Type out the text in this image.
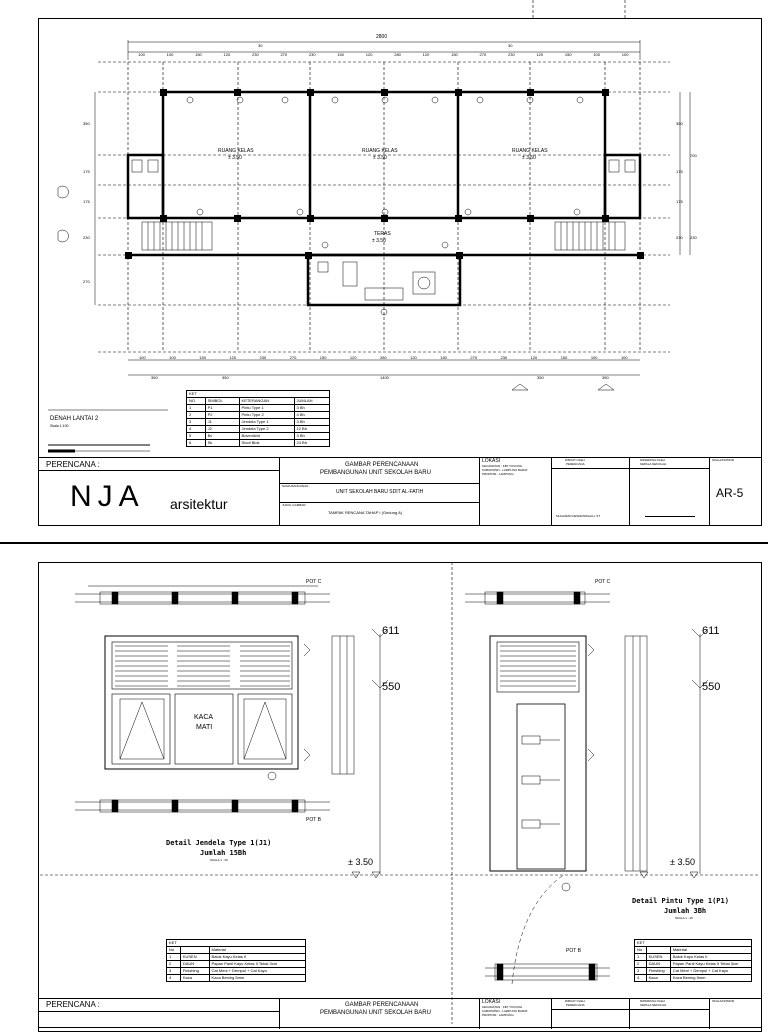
2800
30	30
RUANG KELAS
± 3.50
RUANG KELAS
± 3.50
RUANG KELAS
± 3.50
TERAS
± 3.50
KET			
NO	SIMBOL	KETERANGAN	JUMLAH
1	P1	Pintu Type 1	3 Bh
2	P2	Pintu Type 2	4 Bh
3	J1	Jendela Type 1	3 Bh
4	J2	Jendela Type 2	12 Bh
5	Bv	Bovenlicht	3 Bh
6	Sk	Sloof Blok	24 Bh
DENAH LANTAI 2
Skala 1:100
PERENCANA :
NJA arsitektur
GAMBAR PERENCANAAN
PEMBANGUNAN UNIT SEKOLAH BARU
NAMA BANGUNAN :
UNIT SEKOLAH BARU SDIT AL-FATIH
JUDUL GAMBAR :
TAMPAK RENCANA TAHAP I (Gedung A)
LOKASI
KECAMATAN : KIPI TOVONG
KABUPATEN : LAMPUNG BARAT
PROPINSI : LAMPUNG
DIBUAT OLEH	DIPERIKSA OLEH	SKALA/NOMOR
PERENCANA	KEPALA SEKOLAH
MUHAMAD DESMANWALIH, ST
AR-5
100	100	150	120	230	270	230	150	120	280	120	150	270	230	120	150	100	100
100	100	150	120	230	270	150	120	280	120	150	270	230	120	150	100	100
350	350	1400	350	350
350
175
175
230
270
350
700
175
175
230 230
POT C
POT B
POT C
POT B
KACA
MATI
611
550
± 3.50
611
550
± 3.50
Detail Jendela Type 1(J1)
Jumlah 15Bh
SKALA 1 : 20
Detail Pintu Type 1(P1)
Jumlah 3Bh
SKALA 1 : 20
KET		
No		Material
1	KUSEN	Balok Kayu Kelas II
2	DAUN	Papan Panil Kayu Kelas II Tebal 3cm
3	Finishing	Cat Meni + Dempul + Cat Kayu
4	Kaca	Kaca Bening 5mm
KET		
No		Material
1	KUSEN	Balok Kayu Kelas II
2	DAUN	Papan Panil Kayu Kelas II Tebal 3cm
3	Finishing	Cat Meni + Dempul + Cat Kayu
4	Kaca	Kaca Bening 5mm
PERENCANA :	GAMBAR PERENCANAAN
PEMBANGUNAN UNIT SEKOLAH BARU
LOKASI
KECAMATAN : KIPI TOVONG
KABUPATEN : LAMPUNG BARAT
PROPINSI : LAMPUNG
DIBUAT OLEH	DIPERIKSA OLEH	SKALA/NOMOR
PERENCANA	KEPALA SEKOLAH
